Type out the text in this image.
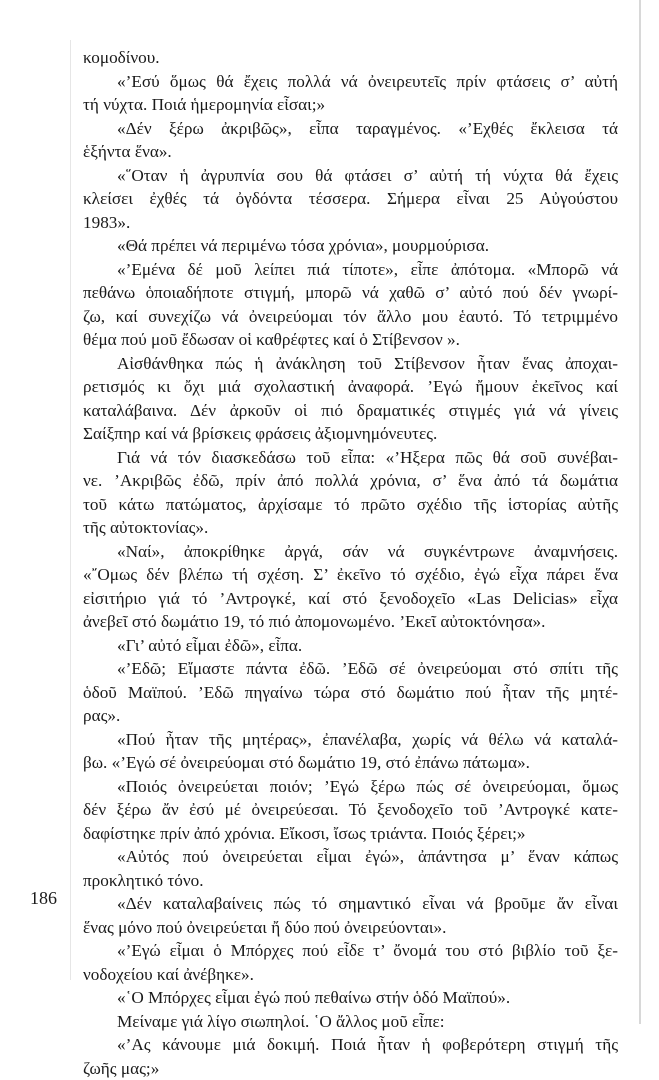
κομοδίνου.
«’Εσύ ὅμως θά ἔχεις πολλά νά ὀνειρευτεῖς πρίν φτάσεις σ’ αὐτή
τή νύχτα. Ποιά ἡμερομηνία εἶσαι;»
«Δέν ξέρω ἀκριβῶς», εἶπα ταραγμένος. «’Εχθές ἔκλεισα τά
ἑξήντα ἕνα».
«῞Οταν ἡ ἀγρυπνία σου θά φτάσει σ’ αὐτή τή νύχτα θά ἔχεις
κλείσει ἐχθές τά ὀγδόντα τέσσερα. Σήμερα εἶναι 25 Αὐγούστου
1983».
«Θά πρέπει νά περιμένω τόσα χρόνια», μουρμούρισα.
«’Εμένα δέ μοῦ λείπει πιά τίποτε», εἶπε ἀπότομα. «Μπορῶ νά
πεθάνω ὁποιαδήποτε στιγμή, μπορῶ νά χαθῶ σ’ αὐτό πού δέν γνωρί-
ζω, καί συνεχίζω νά ὀνειρεύομαι τόν ἄλλο μου ἑαυτό. Τό τετριμμένο
θέμα πού μοῦ ἔδωσαν οἱ καθρέφτες καί ὁ Στίβενσον ».
Αἰσθάνθηκα πώς ἡ ἀνάκληση τοῦ Στίβενσον ἦταν ἕνας ἀποχαι-
ρετισμός κι ὄχι μιά σχολαστική ἀναφορά. ’Εγώ ἤμουν ἐκεῖνος καί
καταλάβαινα. Δέν ἀρκοῦν οἱ πιό δραματικές στιγμές γιά νά γίνεις
Σαίξπηρ καί νά βρίσκεις φράσεις ἀξιομνημόνευτες.
Γιά νά τόν διασκεδάσω τοῦ εἶπα: «’Ηξερα πῶς θά σοῦ συνέβαι-
νε. ’Ακριβῶς ἐδῶ, πρίν ἀπό πολλά χρόνια, σ’ ἕνα ἀπό τά δωμάτια
τοῦ κάτω πατώματος, ἀρχίσαμε τό πρῶτο σχέδιο τῆς ἱστορίας αὐτῆς
τῆς αὐτοκτονίας».
«Ναί», ἀποκρίθηκε ἀργά, σάν νά συγκέντρωνε ἀναμνήσεις.
«῎Ομως δέν βλέπω τή σχέση. Σ’ ἐκεῖνο τό σχέδιο, ἐγώ εἶχα πάρει ἕνα
εἰσιτήριο γιά τό ’Αντρογκέ, καί στό ξενοδοχεῖο «Las Delicias» εἶχα
ἀνεβεῖ στό δωμάτιο 19, τό πιό ἀπομονωμένο. ’Εκεῖ αὐτοκτόνησα».
«Γι’ αὐτό εἶμαι ἐδῶ», εἶπα.
«’Εδῶ; Εἴμαστε πάντα ἐδῶ. ’Εδῶ σέ ὀνειρεύομαι στό σπίτι τῆς
ὁδοῦ Μαϊπού. ’Εδῶ πηγαίνω τώρα στό δωμάτιο πού ἦταν τῆς μητέ-
ρας».
«Πού ἦταν τῆς μητέρας», ἐπανέλαβα, χωρίς νά θέλω νά καταλά-
βω. «’Εγώ σέ ὀνειρεύομαι στό δωμάτιο 19, στό ἐπάνω πάτωμα».
«Ποιός ὀνειρεύεται ποιόν; ’Εγώ ξέρω πώς σέ ὀνειρεύομαι, ὅμως
δέν ξέρω ἄν ἐσύ μέ ὀνειρεύεσαι. Τό ξενοδοχεῖο τοῦ ’Αντρογκέ κατε-
δαφίστηκε πρίν ἀπό χρόνια. Εἴκοσι, ἴσως τριάντα. Ποιός ξέρει;»
«Αὐτός πού ὀνειρεύεται εἶμαι ἐγώ», ἀπάντησα μ’ ἕναν κάπως
προκλητικό τόνο.
«Δέν καταλαβαίνεις πώς τό σημαντικό εἶναι νά βροῦμε ἄν εἶναι
ἕνας μόνο πού ὀνειρεύεται ἤ δύο πού ὀνειρεύονται».
«’Εγώ εἶμαι ὁ Μπόρχες πού εἶδε τ’ ὄνομά του στό βιβλίο τοῦ ξε-
νοδοχείου καί ἀνέβηκε».
«῾Ο Μπόρχες εἶμαι ἐγώ πού πεθαίνω στήν ὁδό Μαϊπού».
Μείναμε γιά λίγο σιωπηλοί. ῾Ο ἄλλος μοῦ εἶπε:
«’Ας κάνουμε μιά δοκιμή. Ποιά ἦταν ἡ φοβερότερη στιγμή τῆς
ζωῆς μας;»
186
